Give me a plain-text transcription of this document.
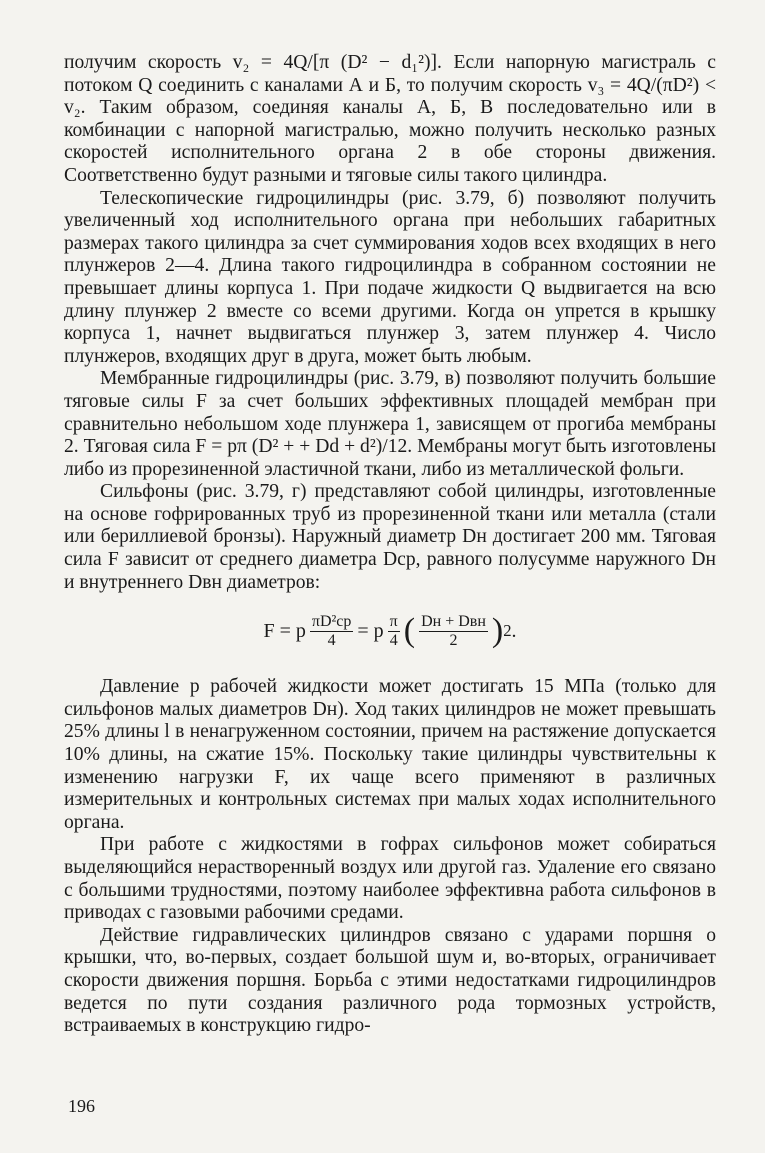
получим скорость v₂ = 4Q/[π (D² − d₁²)]. Если напорную магистраль с потоком Q соединить с каналами А и Б, то получим скорость v₃ = 4Q/(πD²) < v₂. Таким образом, соединяя каналы А, Б, В последовательно или в комбинации с напорной магистралью, можно получить несколько разных скоростей исполнительного органа 2 в обе стороны движения. Соответственно будут разными и тяговые силы такого цилиндра.

Телескопические гидроцилиндры (рис. 3.79, б) позволяют получить увеличенный ход исполнительного органа при небольших габаритных размерах такого цилиндра за счет суммирования ходов всех входящих в него плунжеров 2—4. Длина такого гидроцилиндра в собранном состоянии не превышает длины корпуса 1. При подаче жидкости Q выдвигается на всю длину плунжер 2 вместе со всеми другими. Когда он упрется в крышку корпуса 1, начнет выдвигаться плунжер 3, затем плунжер 4. Число плунжеров, входящих друг в друга, может быть любым.

Мембранные гидроцилиндры (рис. 3.79, в) позволяют получить большие тяговые силы F за счет больших эффективных площадей мембран при сравнительно небольшом ходе плунжера 1, зависящем от прогиба мембраны 2. Тяговая сила F = pπ (D² + + Dd + d²)/12. Мембраны могут быть изготовлены либо из прорезиненной эластичной ткани, либо из металлической фольги.

Сильфоны (рис. 3.79, г) представляют собой цилиндры, изготовленные на основе гофрированных труб из прорезиненной ткани или металла (стали или бериллиевой бронзы). Наружный диаметр Dн достигает 200 мм. Тяговая сила F зависит от среднего диаметра Dср, равного полусумме наружного Dн и внутреннего Dвн диаметров:

F = p $\frac{\text{πD²ср}}{4} = p \frac{\pi}{4}$ ( $\frac{\text{Dн + Dвн}}{2}$ ) 2 .

Давление p рабочей жидкости может достигать 15 МПа (только для сильфонов малых диаметров Dн). Ход таких цилиндров не может превышать 25% длины l в ненагруженном состоянии, причем на растяжение допускается 10% длины, на сжатие 15%. Поскольку такие цилиндры чувствительны к изменению нагрузки F, их чаще всего применяют в различных измерительных и контрольных системах при малых ходах исполнительного органа.

При работе с жидкостями в гофрах сильфонов может собираться выделяющийся нерастворенный воздух или другой газ. Удаление его связано с большими трудностями, поэтому наиболее эффективна работа сильфонов в приводах с газовыми рабочими средами.

Действие гидравлических цилиндров связано с ударами поршня о крышки, что, во-первых, создает большой шум и, во-вторых, ограничивает скорости движения поршня. Борьба с этими недостатками гидроцилиндров ведется по пути создания различного рода тормозных устройств, встраиваемых в конструкцию гидро-

196
